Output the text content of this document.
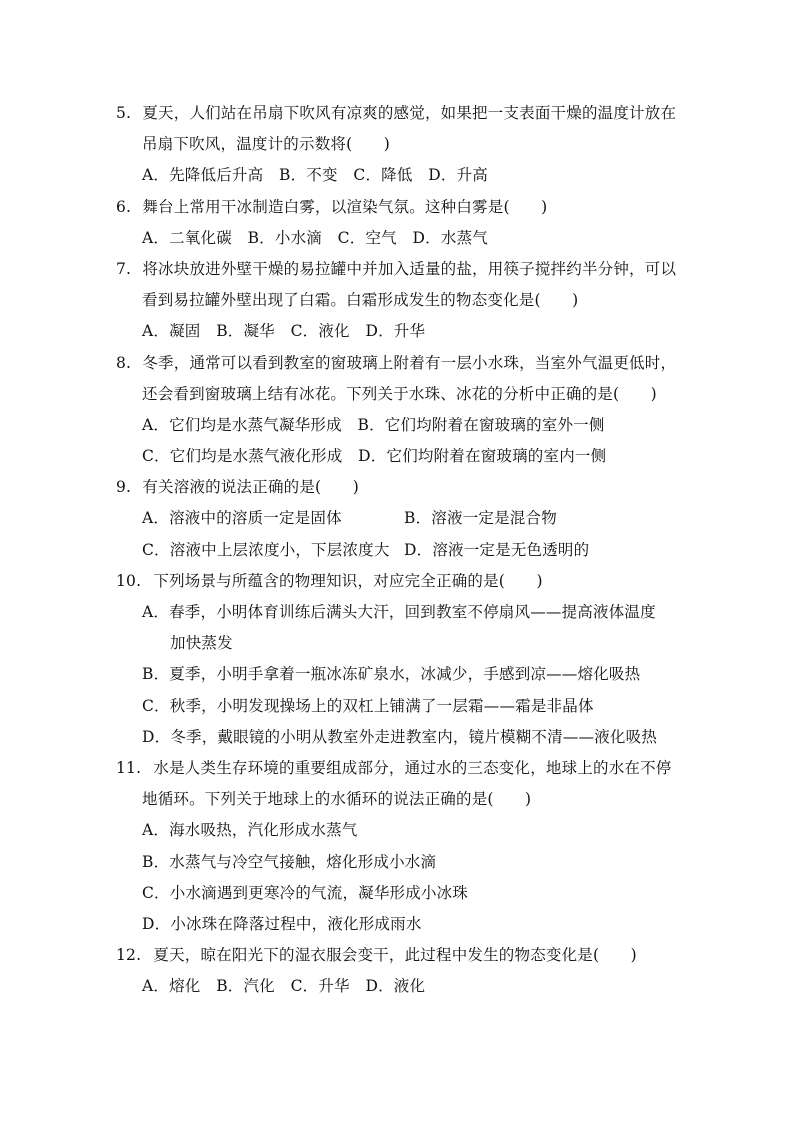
5. 夏天，人们站在吊扇下吹风有凉爽的感觉，如果把一支表面干燥的温度计放在
吊扇下吹风，温度计的示数将(　　)
A．先降低后升高　B．不变　C．降低　D．升高
6. 舞台上常用干冰制造白雾，以渲染气氛。这种白雾是(　　)
A．二氧化碳　B．小水滴　C．空气　D．水蒸气
7. 将冰块放进外壁干燥的易拉罐中并加入适量的盐，用筷子搅拌约半分钟，可以
看到易拉罐外壁出现了白霜。白霜形成发生的物态变化是(　　)
A．凝固　B．凝华　C．液化　D．升华
8. 冬季，通常可以看到教室的窗玻璃上附着有一层小水珠，当室外气温更低时，
还会看到窗玻璃上结有冰花。下列关于水珠、冰花的分析中正确的是(　　)
A．它们均是水蒸气凝华形成　B．它们均附着在窗玻璃的室外一侧
C．它们均是水蒸气液化形成　D．它们均附着在窗玻璃的室内一侧
9. 有关溶液的说法正确的是(　　)
A．溶液中的溶质一定是固体	B．溶液一定是混合物
C．溶液中上层浓度小，下层浓度大 D．溶液一定是无色透明的
10. 下列场景与所蕴含的物理知识，对应完全正确的是(　　)
A．春季，小明体育训练后满头大汗，回到教室不停扇风——提高液体温度
加快蒸发
B．夏季，小明手拿着一瓶冰冻矿泉水，冰减少，手感到凉——熔化吸热
C．秋季，小明发现操场上的双杠上铺满了一层霜——霜是非晶体
D．冬季，戴眼镜的小明从教室外走进教室内，镜片模糊不清——液化吸热
11. 水是人类生存环境的重要组成部分，通过水的三态变化，地球上的水在不停
地循环。下列关于地球上的水循环的说法正确的是(　　)
A．海水吸热，汽化形成水蒸气
B．水蒸气与冷空气接触，熔化形成小水滴
C．小水滴遇到更寒冷的气流，凝华形成小冰珠
D．小冰珠在降落过程中，液化形成雨水
12. 夏天，晾在阳光下的湿衣服会变干，此过程中发生的物态变化是(　　)
A．熔化　B．汽化　C．升华　D．液化
